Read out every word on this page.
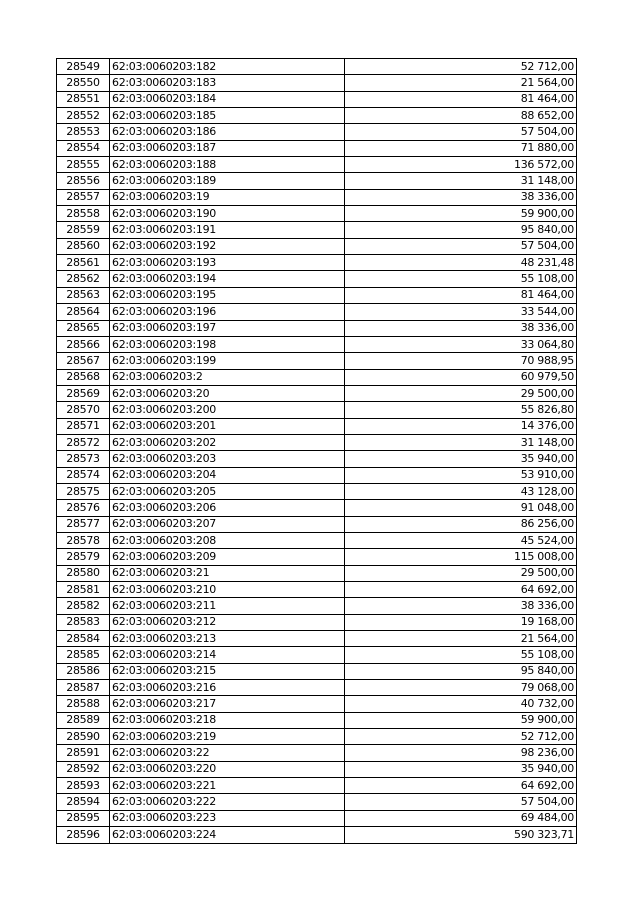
28549	62:03:0060203:182	52 712,00
28550	62:03:0060203:183	21 564,00
28551	62:03:0060203:184	81 464,00
28552	62:03:0060203:185	88 652,00
28553	62:03:0060203:186	57 504,00
28554	62:03:0060203:187	71 880,00
28555	62:03:0060203:188	136 572,00
28556	62:03:0060203:189	31 148,00
28557	62:03:0060203:19	38 336,00
28558	62:03:0060203:190	59 900,00
28559	62:03:0060203:191	95 840,00
28560	62:03:0060203:192	57 504,00
28561	62:03:0060203:193	48 231,48
28562	62:03:0060203:194	55 108,00
28563	62:03:0060203:195	81 464,00
28564	62:03:0060203:196	33 544,00
28565	62:03:0060203:197	38 336,00
28566	62:03:0060203:198	33 064,80
28567	62:03:0060203:199	70 988,95
28568	62:03:0060203:2	60 979,50
28569	62:03:0060203:20	29 500,00
28570	62:03:0060203:200	55 826,80
28571	62:03:0060203:201	14 376,00
28572	62:03:0060203:202	31 148,00
28573	62:03:0060203:203	35 940,00
28574	62:03:0060203:204	53 910,00
28575	62:03:0060203:205	43 128,00
28576	62:03:0060203:206	91 048,00
28577	62:03:0060203:207	86 256,00
28578	62:03:0060203:208	45 524,00
28579	62:03:0060203:209	115 008,00
28580	62:03:0060203:21	29 500,00
28581	62:03:0060203:210	64 692,00
28582	62:03:0060203:211	38 336,00
28583	62:03:0060203:212	19 168,00
28584	62:03:0060203:213	21 564,00
28585	62:03:0060203:214	55 108,00
28586	62:03:0060203:215	95 840,00
28587	62:03:0060203:216	79 068,00
28588	62:03:0060203:217	40 732,00
28589	62:03:0060203:218	59 900,00
28590	62:03:0060203:219	52 712,00
28591	62:03:0060203:22	98 236,00
28592	62:03:0060203:220	35 940,00
28593	62:03:0060203:221	64 692,00
28594	62:03:0060203:222	57 504,00
28595	62:03:0060203:223	69 484,00
28596	62:03:0060203:224	590 323,71
